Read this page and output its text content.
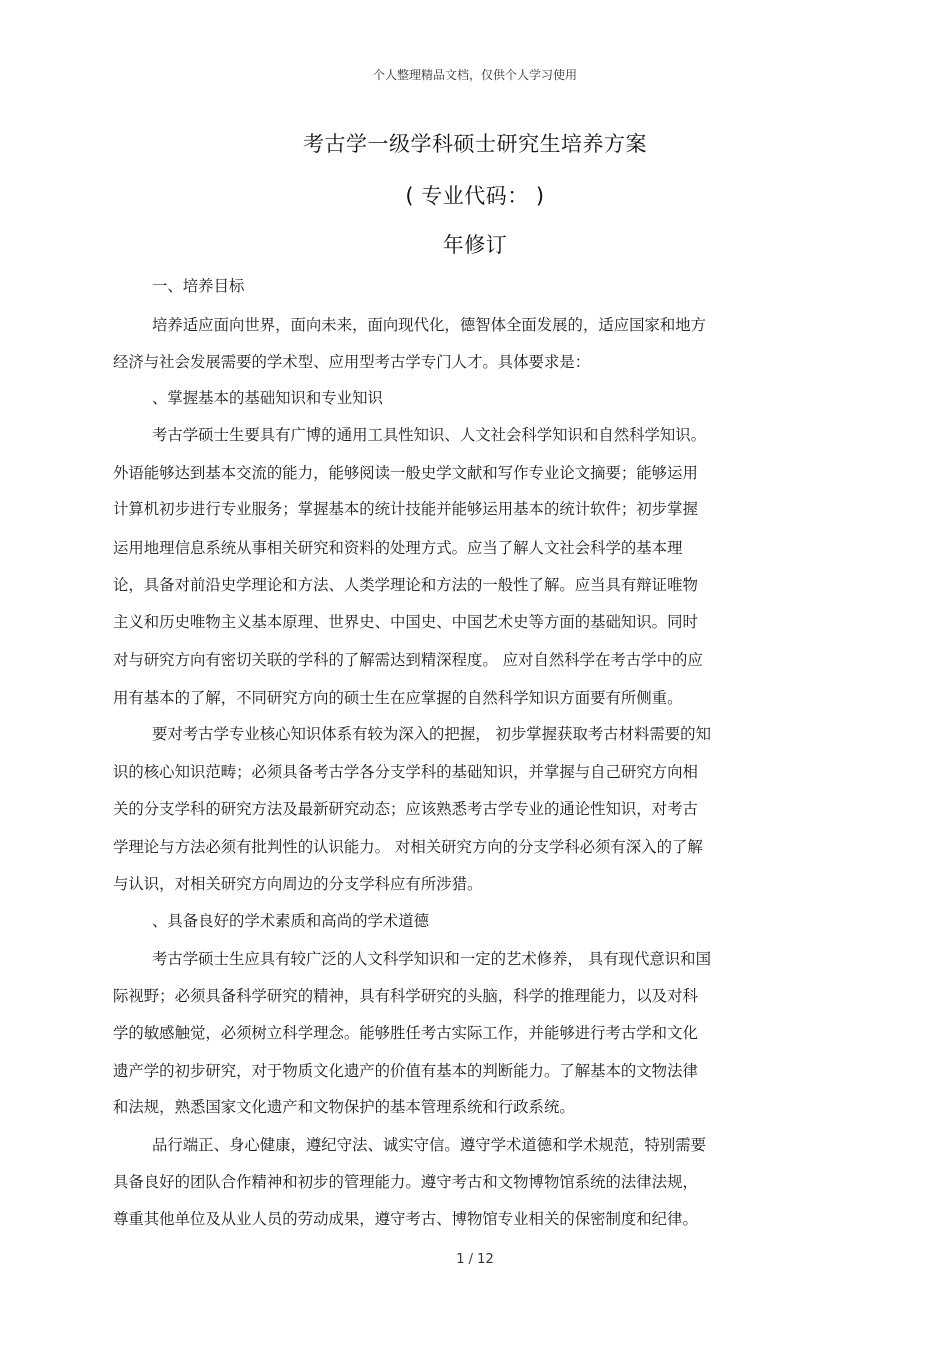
个人整理精品文档，仅供个人学习使用
考古学一级学科硕士研究生培养方案
( 专业代码： )
年修订
一、培养目标
培养适应面向世界，面向未来，面向现代化，德智体全面发展的，适应国家和地方
经济与社会发展需要的学术型、应用型考古学专门人才。具体要求是：
、掌握基本的基础知识和专业知识
考古学硕士生要具有广博的通用工具性知识、人文社会科学知识和自然科学知识。
外语能够达到基本交流的能力，能够阅读一般史学文献和写作专业论文摘要；能够运用
计算机初步进行专业服务；掌握基本的统计技能并能够运用基本的统计软件；初步掌握
运用地理信息系统从事相关研究和资料的处理方式。应当了解人文社会科学的基本理
论，具备对前沿史学理论和方法、人类学理论和方法的一般性了解。应当具有辩证唯物
主义和历史唯物主义基本原理、世界史、中国史、中国艺术史等方面的基础知识。同时
对与研究方向有密切关联的学科的了解需达到精深程度。 应对自然科学在考古学中的应
用有基本的了解，不同研究方向的硕士生在应掌握的自然科学知识方面要有所侧重。
要对考古学专业核心知识体系有较为深入的把握， 初步掌握获取考古材料需要的知
识的核心知识范畴；必须具备考古学各分支学科的基础知识，并掌握与自己研究方向相
关的分支学科的研究方法及最新研究动态；应该熟悉考古学专业的通论性知识，对考古
学理论与方法必须有批判性的认识能力。 对相关研究方向的分支学科必须有深入的了解
与认识，对相关研究方向周边的分支学科应有所涉猎。
、具备良好的学术素质和高尚的学术道德
考古学硕士生应具有较广泛的人文科学知识和一定的艺术修养， 具有现代意识和国
际视野；必须具备科学研究的精神，具有科学研究的头脑，科学的推理能力，以及对科
学的敏感触觉，必须树立科学理念。能够胜任考古实际工作，并能够进行考古学和文化
遗产学的初步研究，对于物质文化遗产的价值有基本的判断能力。了解基本的文物法律
和法规，熟悉国家文化遗产和文物保护的基本管理系统和行政系统。
品行端正、身心健康，遵纪守法、诚实守信。遵守学术道德和学术规范，特别需要
具备良好的团队合作精神和初步的管理能力。遵守考古和文物博物馆系统的法律法规，
尊重其他单位及从业人员的劳动成果，遵守考古、博物馆专业相关的保密制度和纪律。
1 / 12
